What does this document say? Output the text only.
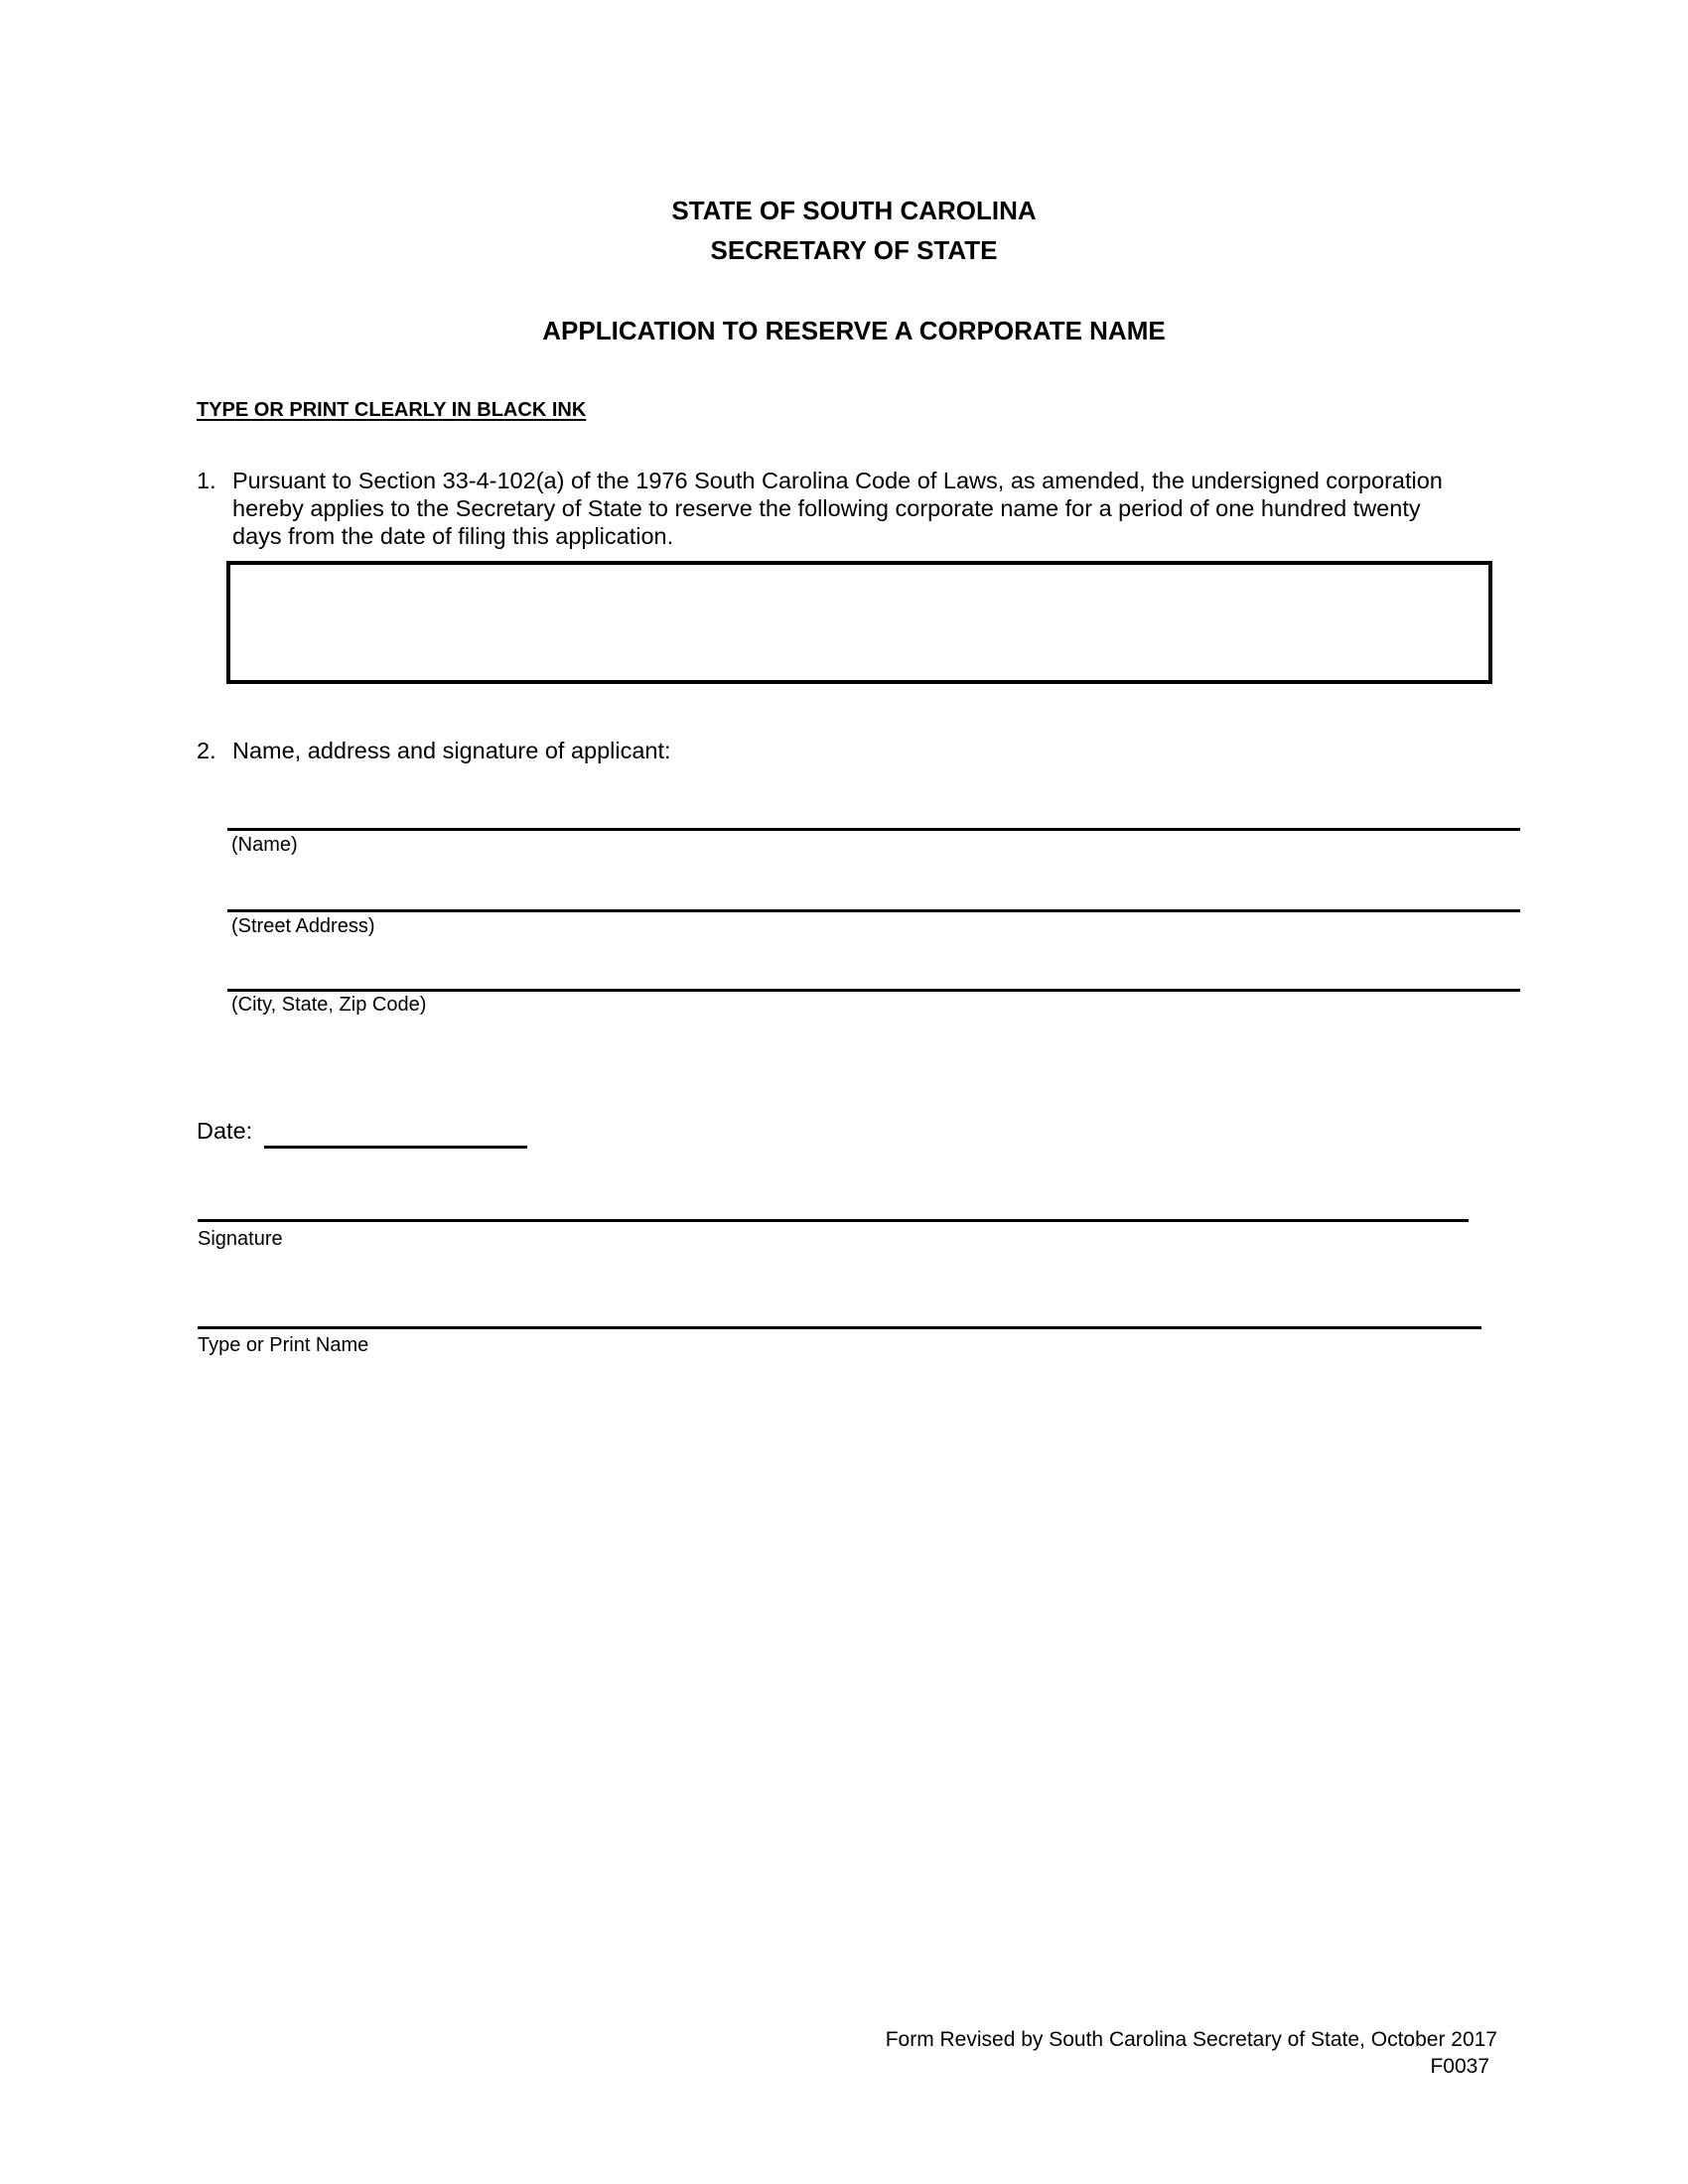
STATE OF SOUTH CAROLINA
SECRETARY OF STATE
APPLICATION TO RESERVE A CORPORATE NAME
TYPE OR PRINT CLEARLY IN BLACK INK
1. Pursuant to Section 33-4-102(a) of the 1976 South Carolina Code of Laws, as amended, the undersigned corporation
hereby applies to the Secretary of State to reserve the following corporate name for a period of one hundred twenty
days from the date of filing this application.
2. Name, address and signature of applicant:
(Name)
(Street Address)
(City, State, Zip Code)
Date:
Signature
Type or Print Name
Form Revised by South Carolina Secretary of State, October 2017
F0037
